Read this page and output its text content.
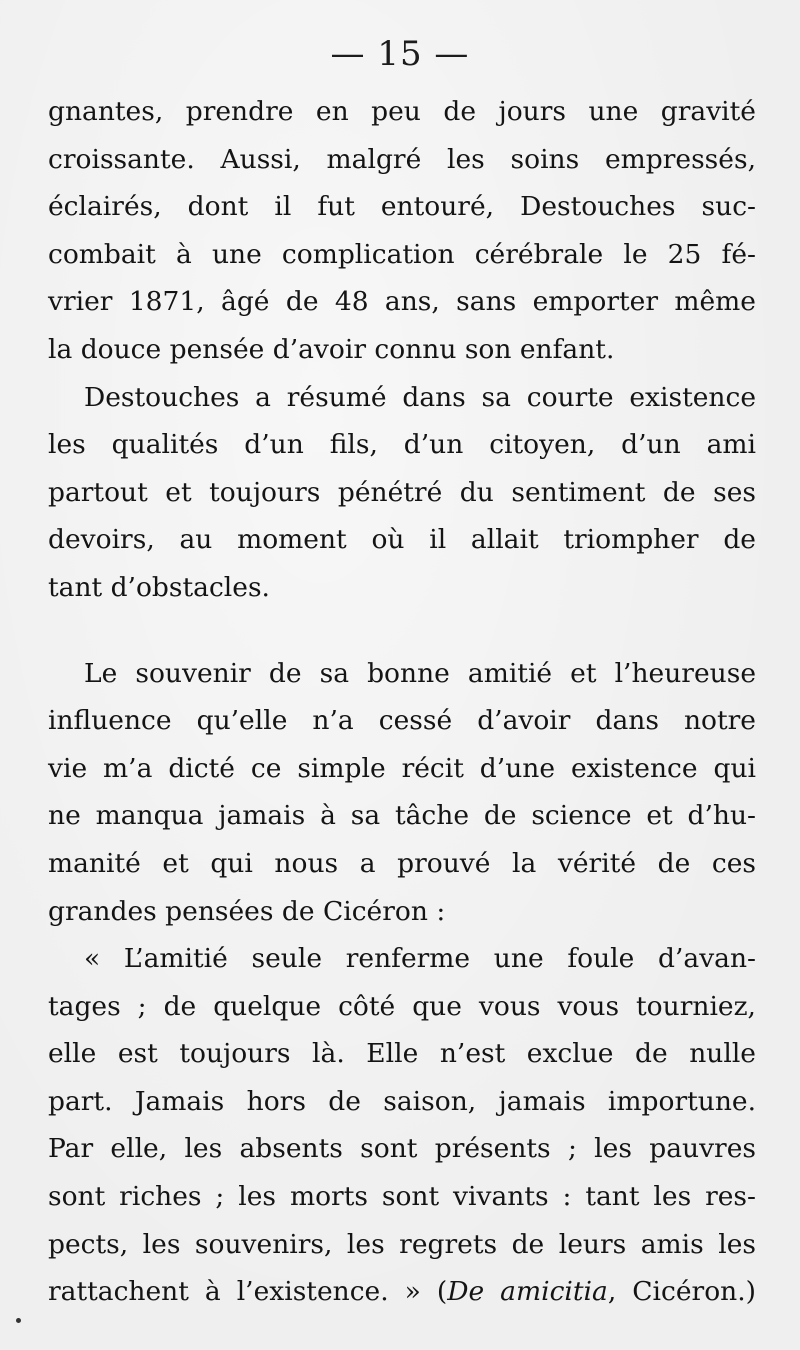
— 15 —

gnantes, prendre en peu de jours une gravité
croissante. Aussi, malgré les soins empressés,
éclairés, dont il fut entouré, Destouches suc-
combait à une complication cérébrale le 25 fé-
vrier 1871, âgé de 48 ans, sans emporter même
la douce pensée d’avoir connu son enfant.

Destouches a résumé dans sa courte existence
les qualités d’un fils, d’un citoyen, d’un ami
partout et toujours pénétré du sentiment de ses
devoirs, au moment où il allait triompher de
tant d’obstacles.

Le souvenir de sa bonne amitié et l’heureuse
influence qu’elle n’a cessé d’avoir dans notre
vie m’a dicté ce simple récit d’une existence qui
ne manqua jamais à sa tâche de science et d’hu-
manité et qui nous a prouvé la vérité de ces
grandes pensées de Cicéron :

« L’amitié seule renferme une foule d’avan-
tages ; de quelque côté que vous vous tourniez,
elle est toujours là. Elle n’est exclue de nulle
part. Jamais hors de saison, jamais importune.
Par elle, les absents sont présents ; les pauvres
sont riches ; les morts sont vivants : tant les res-
pects, les souvenirs, les regrets de leurs amis les
rattachent à l’existence. » (De amicitia, Cicéron.)
